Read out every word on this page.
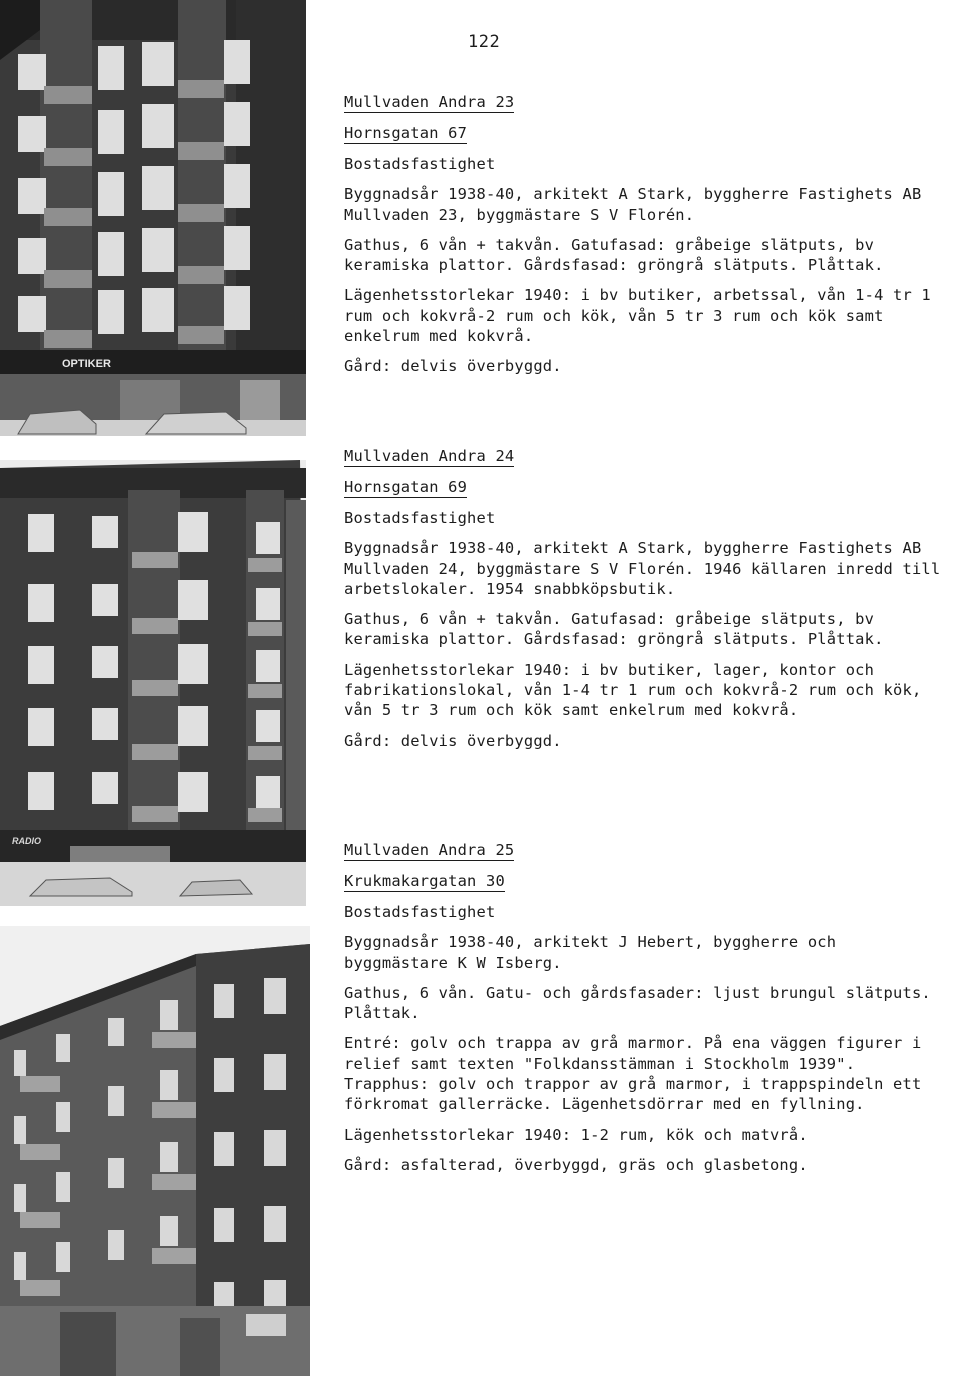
122
OPTIKER
RADIO

Mullvaden Andra 23

Hornsgatan 67

Bostadsfastighet

Byggnadsår 1938-40, arkitekt A Stark, byggherre Fastighets AB Mullvaden 23, byggmästare S V Florén.

Gathus, 6 vån + takvån. Gatufasad: gråbeige slätputs, bv keramiska plattor. Gårdsfasad: gröngrå slätputs. Plåttak.

Lägenhetsstorlekar 1940: i bv butiker, arbetssal, vån 1-4 tr 1 rum och kokvrå-2 rum och kök, vån 5 tr 3 rum och kök samt enkelrum med kokvrå.

Gård: delvis överbyggd.

Mullvaden Andra 24

Hornsgatan 69

Bostadsfastighet

Byggnadsår 1938-40, arkitekt A Stark, byggherre Fastighets AB Mullvaden 24, byggmästare S V Florén. 1946 källaren inredd till arbetslokaler. 1954 snabbköpsbutik.

Gathus, 6 vån + takvån. Gatufasad: gråbeige slätputs, bv keramiska plattor. Gårdsfasad: gröngrå slätputs. Plåttak.

Lägenhetsstorlekar 1940: i bv butiker, lager, kontor och fabrikationslokal, vån 1-4 tr 1 rum och kokvrå-2 rum och kök, vån 5 tr 3 rum och kök samt enkelrum med kokvrå.

Gård: delvis överbyggd.

Mullvaden Andra 25

Krukmakargatan 30

Bostadsfastighet

Byggnadsår 1938-40, arkitekt J Hebert, byggherre och byggmästare K W Isberg.

Gathus, 6 vån. Gatu- och gårdsfasader: ljust brungul slätputs. Plåttak.

Entré: golv och trappa av grå marmor. På ena väggen figurer i relief samt texten "Folkdansstämman i Stockholm 1939". Trapphus: golv och trappor av grå marmor, i trappspindeln ett förkromat gallerräcke. Lägenhetsdörrar med en fyllning.

Lägenhetsstorlekar 1940: 1-2 rum, kök och matvrå.

Gård: asfalterad, överbyggd, gräs och glasbetong.
